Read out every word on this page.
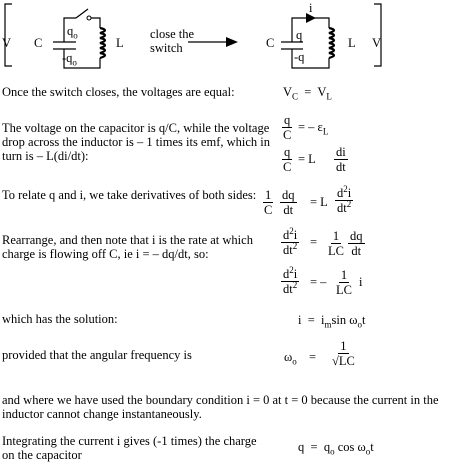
V C
$q_o$
$-q_o$
L
close the
switch
i
C
q
-q
L V
Once the switch closes, the voltages are equal:	$V_C = V_L$
The voltage on the capacitor is q/C, while the voltage drop across the inductor is – 1 times its emf, which in turn is – L(di/dt):
$\frac{q}{C}$ = – $\varepsilon_L$
$\frac{q}{C} = L \frac{di}{dt}$
To relate q and i, we take derivatives of both sides: $\frac{1}{C} \frac{dq}{dt} = L \frac{d^2i}{dt^2}$
Rearrange, and then note that i is the rate at which charge is flowing off C, ie i = – dq/dt, so:	$\frac{d^2i}{dt^2} = \frac{1}{LC} \frac{dq}{dt}$
$\frac{d^2i}{dt^2}$ = – $\frac{1}{LC}$ i
which has the solution:	$i = i_m\sin$ $\omega_ot$
provided that the angular frequency is	$\omega_o = \frac{1}{√LC}$
and where we have used the boundary condition i = 0 at t = 0 because the current in the inductor cannot change instantaneously.
Integrating the current i gives (-1 times) the charge on the capacitor
$q = q_o$ $\cos \omega_ot$
